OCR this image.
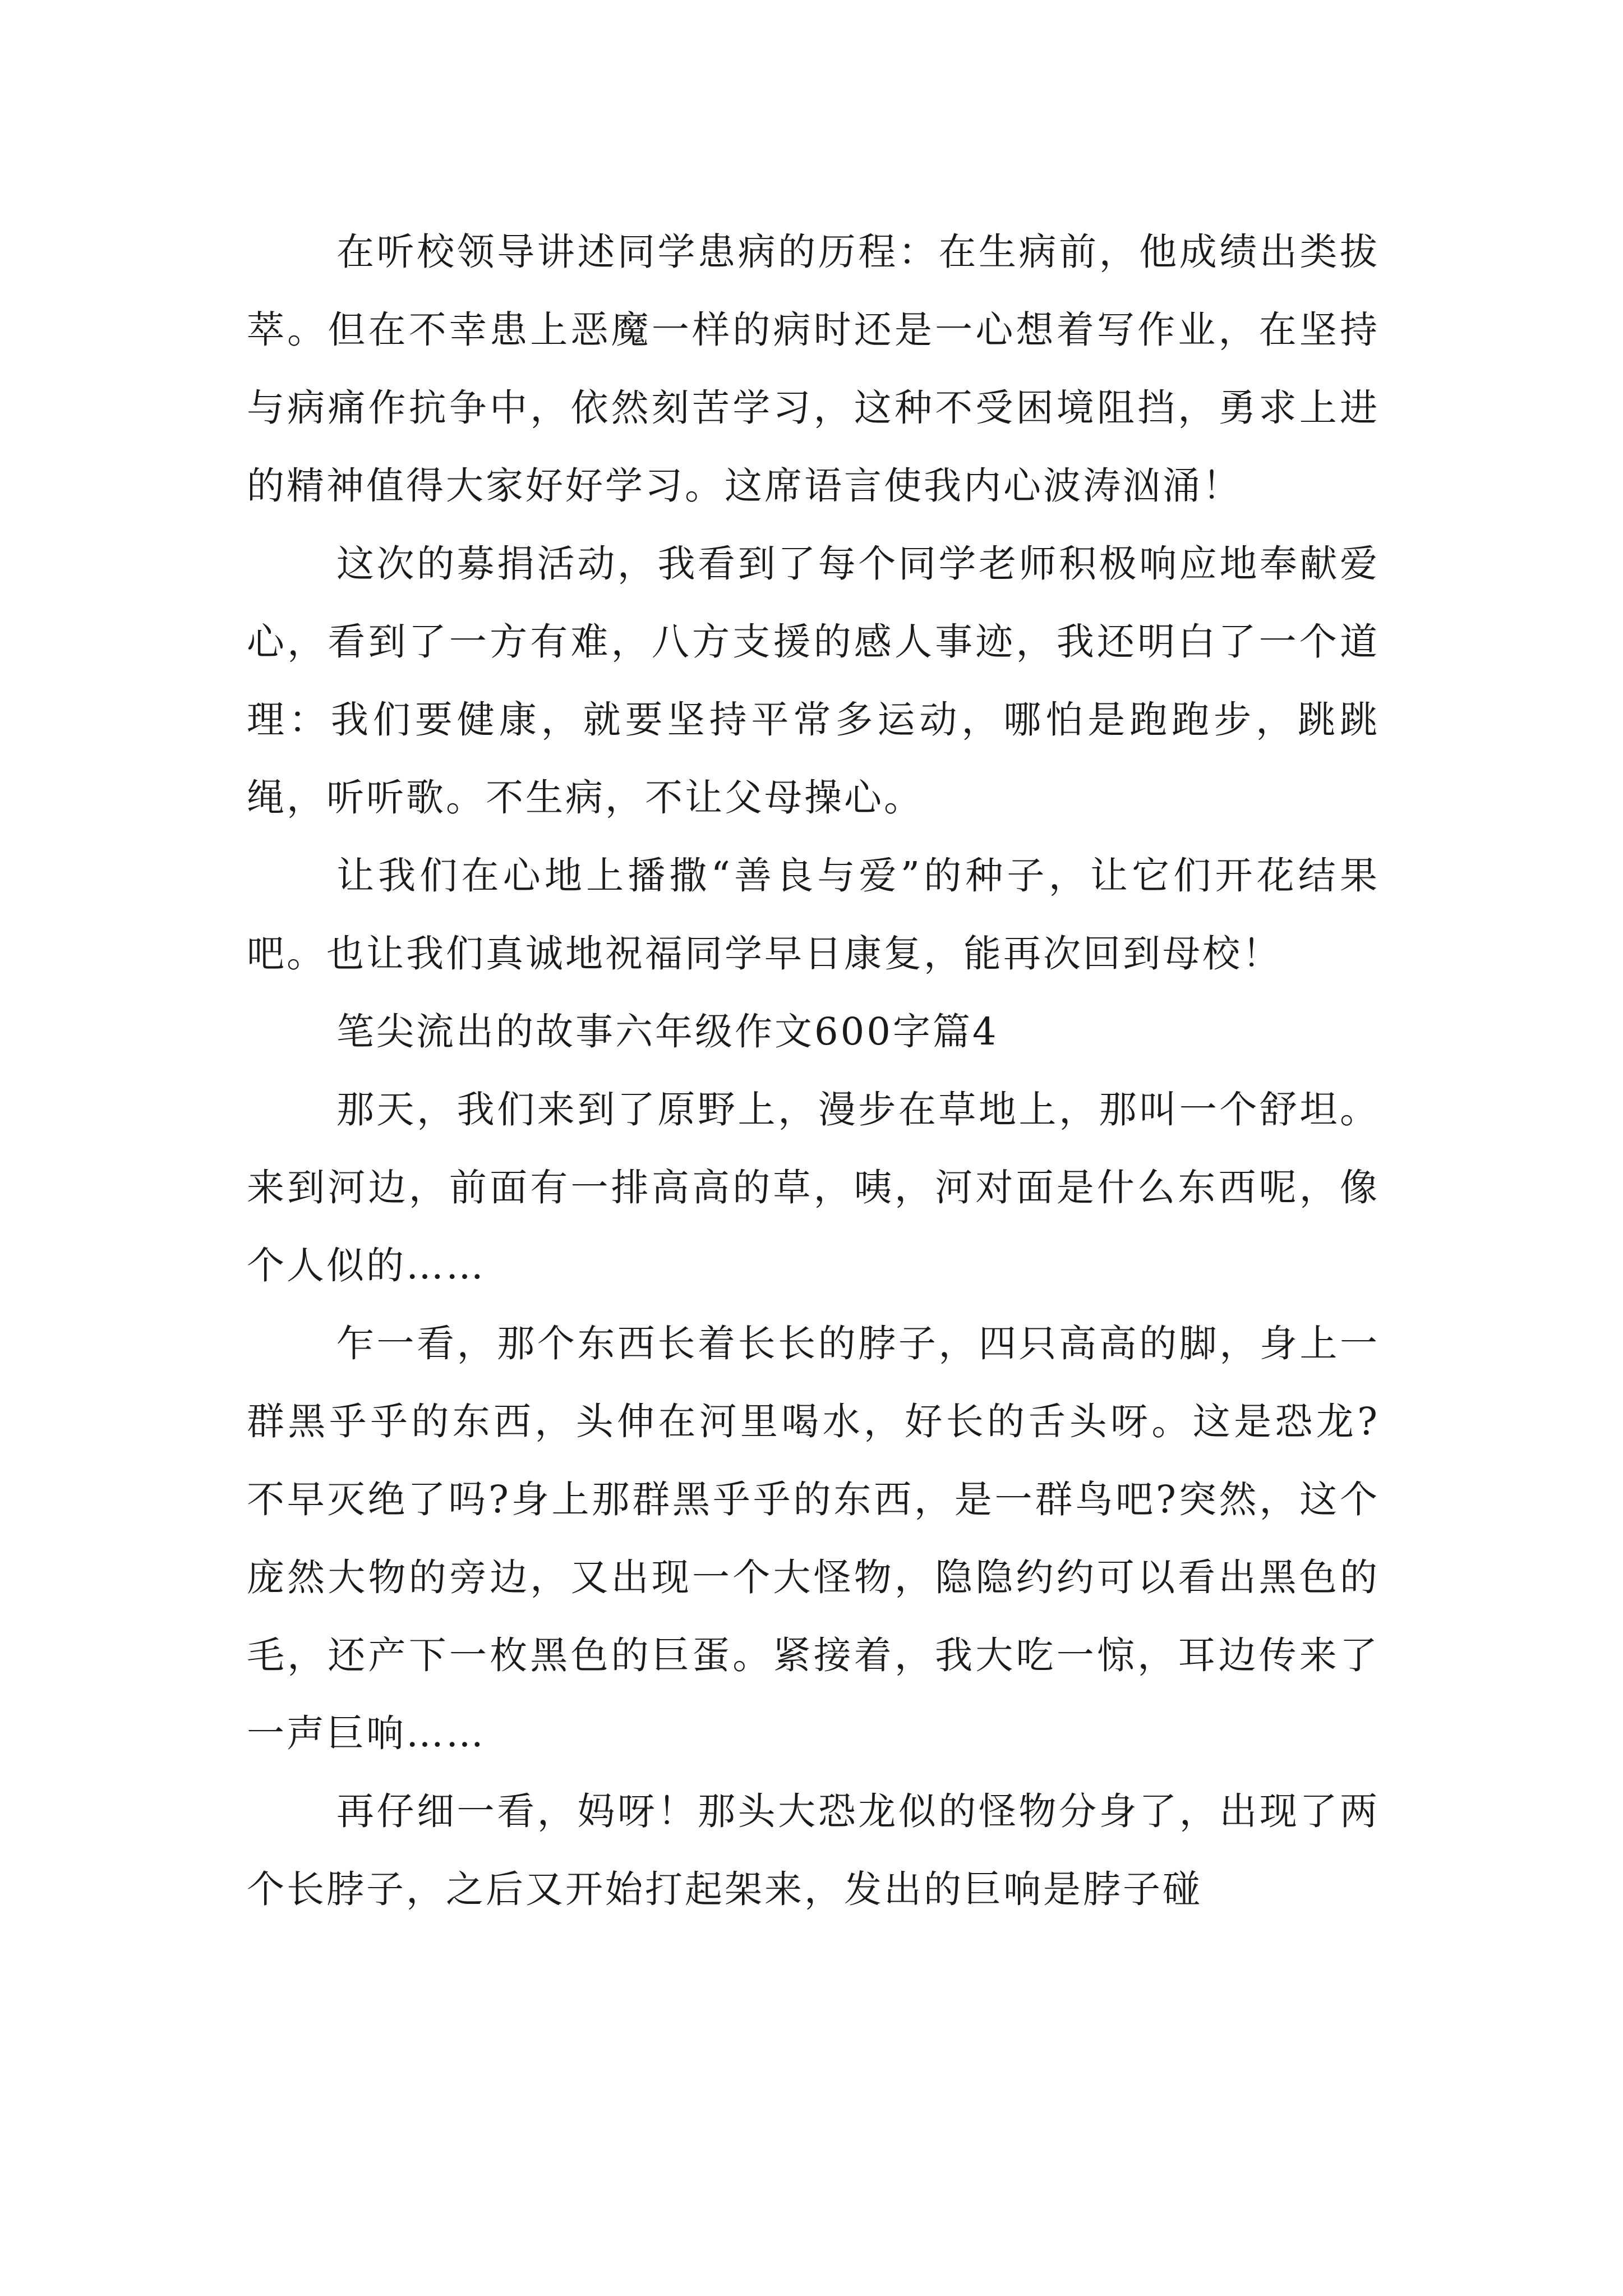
在听校领导讲述同学患病的历程：在生病前，他成绩出类拔萃。但在不幸患上恶魔一样的病时还是一心想着写作业，在坚持与病痛作抗争中，依然刻苦学习，这种不受困境阻挡，勇求上进的精神值得大家好好学习。这席语言使我内心波涛汹涌！

这次的募捐活动，我看到了每个同学老师积极响应地奉献爱心，看到了一方有难，八方支援的感人事迹，我还明白了一个道理：我们要健康，就要坚持平常多运动，哪怕是跑跑步，跳跳绳，听听歌。不生病，不让父母操心。

让我们在心地上播撒“善良与爱”的种子，让它们开花结果吧。也让我们真诚地祝福同学早日康复，能再次回到母校！

笔尖流出的故事六年级作文600字篇4

那天，我们来到了原野上，漫步在草地上，那叫一个舒坦。来到河边，前面有一排高高的草，咦，河对面是什么东西呢，像个人似的……

乍一看，那个东西长着长长的脖子，四只高高的脚，身上一群黑乎乎的东西，头伸在河里喝水，好长的舌头呀。这是恐龙?不早灭绝了吗?身上那群黑乎乎的东西，是一群鸟吧?突然，这个庞然大物的旁边，又出现一个大怪物，隐隐约约可以看出黑色的毛，还产下一枚黑色的巨蛋。紧接着，我大吃一惊，耳边传来了一声巨响……

再仔细一看，妈呀！那头大恐龙似的怪物分身了，出现了两个长脖子，之后又开始打起架来，发出的巨响是脖子碰
